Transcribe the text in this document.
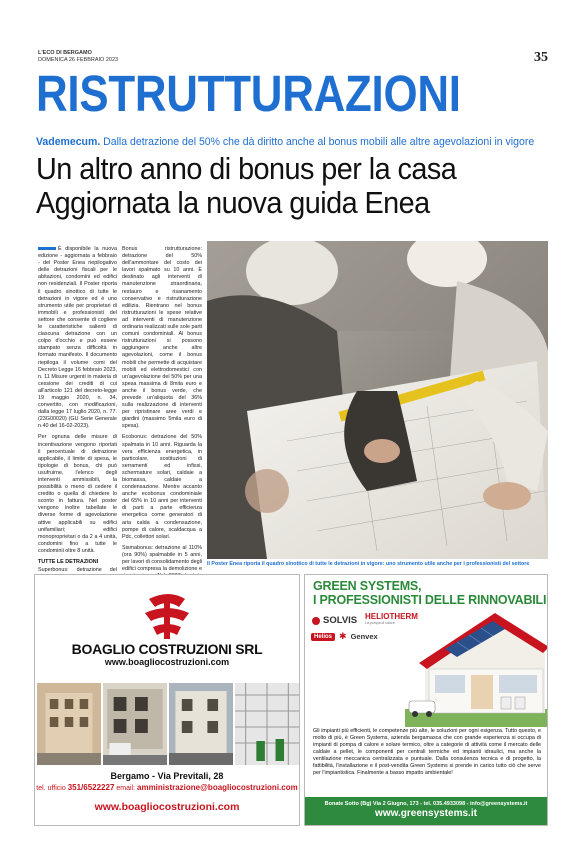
L'ECO DI BERGAMO
DOMENICA 26 FEBBRAIO 2023	35
RISTRUTTURAZIONI
Vademecum. Dalla detrazione del 50% che dà diritto anche al bonus mobili alle altre agevolazioni in vigore
Un altro anno di bonus per la casa
Aggiornata la nuova guida Enea

È disponibile la nuova edizione - aggiornata a febbraio - del Poster Enea riepilogativo delle detrazioni fiscali per le abitazioni, condomini ed edifici non residenziali. Il Poster riporta il quadro sinottico di tutte le detrazioni in vigore ed è uno strumento utile per proprietari di immobili e professionisti del settore che consente di cogliere le caratteristiche salienti di ciascuna detrazione con un colpo d'occhio e può essere stampato senza difficoltà in formato manifesto. Il documento riepiloga il volume comi del Decreto Legge 16 febbraio 2023, n. 11 Misure urgenti in materia di cessione dei crediti di cui all'articolo 121 del decreto-legge 19 maggio 2020, n. 34, convertito, con modificazioni, dalla legge 17 luglio 2020, n. 77. (23G00020) (GU Serie Generale n.40 del 16-02-2023).

Per ognuna delle misure di incentivazione vengono riportati il percentuale di detrazione applicabile, il limite di spesa, le tipologie di bonus, chi può usufruirne, l'elenco degli interventi ammissibili, la possibilità o meno di cedere il credito o quella di chiedere lo sconto in fattura. Nel poster vengono inoltre tabellate le diverse forme di agevolazione attive applicabili su edifici unifamiliari; edifici monoproprietari o da 2 a 4 unità, condomini fino a tutte le condominii oltre 8 unità.

TUTTE LE DETRAZIONI

Superbonus: detrazione del

Bonus ristrutturazione: detrazione del 50% dell'ammontare del costo dei lavori spalmato su 10 anni. È destinato agli interventi di manutenzione straordinaria, restauro e risanamento conservativo e ristrutturazione edilizia. Rientrano nel bonus ristrutturazioni le spese relative ad interventi di manutenzione ordinaria realizzati sulle sole parti comuni condominiali. Al bonus ristrutturazioni si possono aggiungere anche altre agevolazioni, come il bonus mobili che permette di acquistare mobili ed elettrodomestici con un'agevolazione del 50% per una spesa massima di 8mila euro e anche il bonus verde, che prevede un'aliquota del 36% sulla realizzazione di interventi per ripristinare aree verdi e giardini (massimo 5mila euro di spesa).

Ecobonus: detrazione del 50% spalmata in 10 anni. Riguarda la vera efficienza energetica, in particolare, sostituzioni di serramenti ed infissi, schermature solari, caldaie a biomassa, caldaie a condensazione. Mentre accanto anche ecobonus condominiale del 65% in 10 anni per interventi di parti a parte efficienza energetica come generatori di aria calda a condensazione, pompe di calore, scaldacqua a Pdc, collettori solari.

Sismabonus: detrazione al 110% (ora 90%) spalmabile in 5 anni, per lavori di consolidamento degli edifici compresa la demolizione e

Il Poster Enea riporta il quadro sinottico di tutte le detrazioni in vigore: uno strumento utile anche per i professionisti del settore
BOAGLIO COSTRUZIONI SRL
www.boagliocostruzioni.com
Bergamo - Via Previtali, 28
tel. ufficio 351/6522227 email: amministrazione@boagliocostruzioni.com
www.boagliocostruzioni.com
GREEN SYSTEMS,
I PROFESSIONISTI DELLE RINNOVABILI
SOLVIS HELIOTHERM
La pompa di calore
Helios ✱ Genvex
Gli impianti più efficienti, le competenze più alte, le soluzioni per ogni esigenza. Tutto questo, e molto di più, è Green Systems, azienda bergamasca che con grande esperienza si occupa di impianti di pompa di calore e solare termico, oltre a categorie di attività come il mercato delle caldaie a pellet, le componenti per centrali termiche ed impianti idraulici, ma anche la ventilazione meccanica centralizzata e puntuale. Dalla consulenza tecnica e di progetto, la fattibilità, l'installazione e il post-vendita Green Systems si prende in carico tutto ciò che serve per l'impiantistica. Finalmente a basso impatto ambientale!
Bonate Sotto (Bg) Via 2 Giugno, 173 - tel. 035.4933098 - info@greensystems.it
www.greensystems.it
